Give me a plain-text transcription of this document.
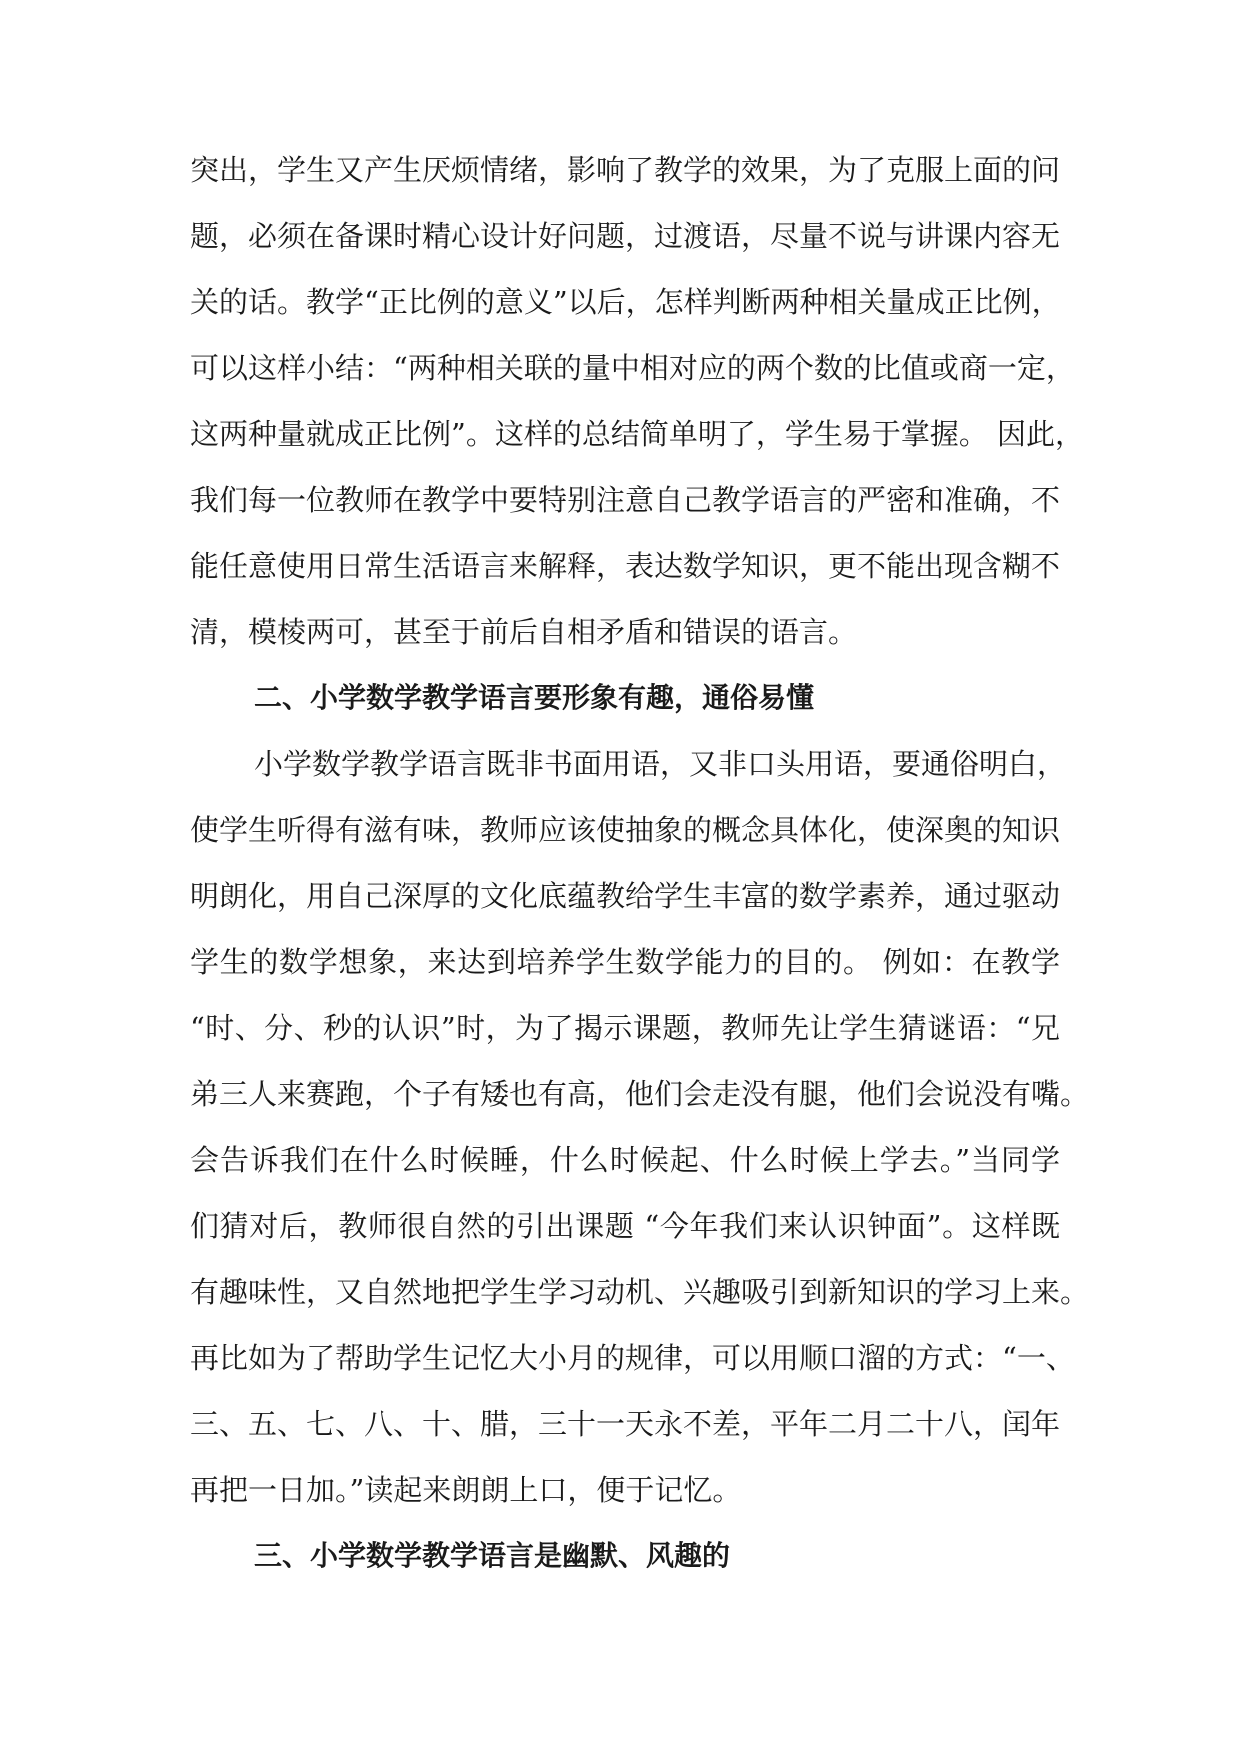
突出，学生又产生厌烦情绪，影响了教学的效果，为了克服上面的问
题，必须在备课时精心设计好问题，过渡语，尽量不说与讲课内容无
关的话。教学“正比例的意义”以后，怎样判断两种相关量成正比例，
可以这样小结：“两种相关联的量中相对应的两个数的比值或商一定，
这两种量就成正比例”。这样的总结简单明了，学生易于掌握。 因此，
我们每一位教师在教学中要特别注意自己教学语言的严密和准确，不
能任意使用日常生活语言来解释，表达数学知识，更不能出现含糊不
清，模棱两可，甚至于前后自相矛盾和错误的语言。
二、小学数学教学语言要形象有趣，通俗易懂
小学数学教学语言既非书面用语，又非口头用语，要通俗明白，
使学生听得有滋有味，教师应该使抽象的概念具体化，使深奥的知识
明朗化，用自己深厚的文化底蕴教给学生丰富的数学素养，通过驱动
学生的数学想象，来达到培养学生数学能力的目的。 例如：在教学
“时、分、秒的认识”时，为了揭示课题，教师先让学生猜谜语：“兄
弟三人来赛跑，个子有矮也有高，他们会走没有腿，他们会说没有嘴。
会告诉我们在什么时候睡，什么时候起、什么时候上学去。”当同学
们猜对后，教师很自然的引出课题 “今年我们来认识钟面”。这样既
有趣味性，又自然地把学生学习动机、兴趣吸引到新知识的学习上来。
再比如为了帮助学生记忆大小月的规律，可以用顺口溜的方式：“一、
三、五、七、八、十、腊，三十一天永不差，平年二月二十八，闰年
再把一日加。”读起来朗朗上口，便于记忆。
三、小学数学教学语言是幽默、风趣的
